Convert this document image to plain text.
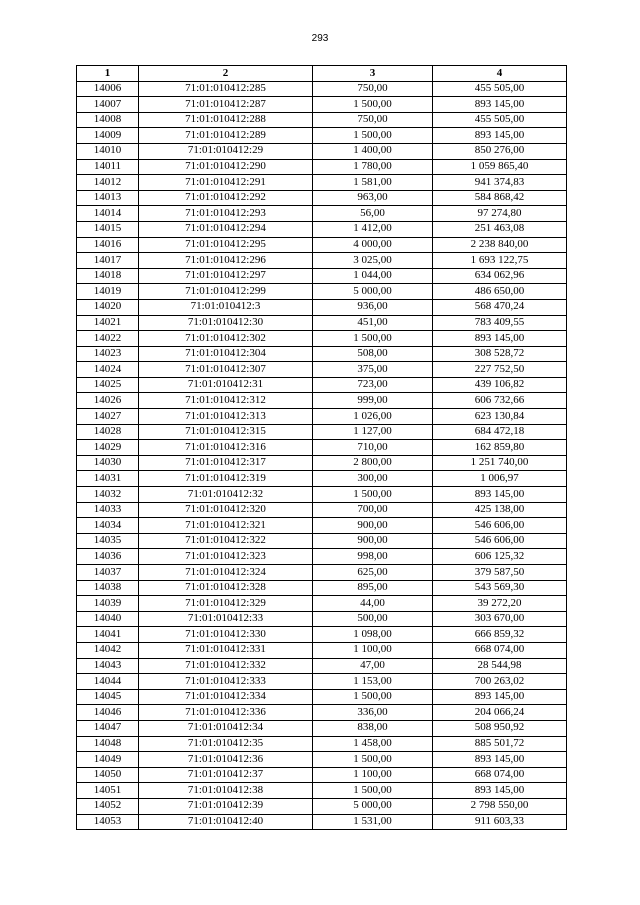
293
1	2	3	4
14006	71:01:010412:285	750,00	455 505,00
14007	71:01:010412:287	1 500,00	893 145,00
14008	71:01:010412:288	750,00	455 505,00
14009	71:01:010412:289	1 500,00	893 145,00
14010	71:01:010412:29	1 400,00	850 276,00
14011	71:01:010412:290	1 780,00	1 059 865,40
14012	71:01:010412:291	1 581,00	941 374,83
14013	71:01:010412:292	963,00	584 868,42
14014	71:01:010412:293	56,00	97 274,80
14015	71:01:010412:294	1 412,00	251 463,08
14016	71:01:010412:295	4 000,00	2 238 840,00
14017	71:01:010412:296	3 025,00	1 693 122,75
14018	71:01:010412:297	1 044,00	634 062,96
14019	71:01:010412:299	5 000,00	486 650,00
14020	71:01:010412:3	936,00	568 470,24
14021	71:01:010412:30	451,00	783 409,55
14022	71:01:010412:302	1 500,00	893 145,00
14023	71:01:010412:304	508,00	308 528,72
14024	71:01:010412:307	375,00	227 752,50
14025	71:01:010412:31	723,00	439 106,82
14026	71:01:010412:312	999,00	606 732,66
14027	71:01:010412:313	1 026,00	623 130,84
14028	71:01:010412:315	1 127,00	684 472,18
14029	71:01:010412:316	710,00	162 859,80
14030	71:01:010412:317	2 800,00	1 251 740,00
14031	71:01:010412:319	300,00	1 006,97
14032	71:01:010412:32	1 500,00	893 145,00
14033	71:01:010412:320	700,00	425 138,00
14034	71:01:010412:321	900,00	546 606,00
14035	71:01:010412:322	900,00	546 606,00
14036	71:01:010412:323	998,00	606 125,32
14037	71:01:010412:324	625,00	379 587,50
14038	71:01:010412:328	895,00	543 569,30
14039	71:01:010412:329	44,00	39 272,20
14040	71:01:010412:33	500,00	303 670,00
14041	71:01:010412:330	1 098,00	666 859,32
14042	71:01:010412:331	1 100,00	668 074,00
14043	71:01:010412:332	47,00	28 544,98
14044	71:01:010412:333	1 153,00	700 263,02
14045	71:01:010412:334	1 500,00	893 145,00
14046	71:01:010412:336	336,00	204 066,24
14047	71:01:010412:34	838,00	508 950,92
14048	71:01:010412:35	1 458,00	885 501,72
14049	71:01:010412:36	1 500,00	893 145,00
14050	71:01:010412:37	1 100,00	668 074,00
14051	71:01:010412:38	1 500,00	893 145,00
14052	71:01:010412:39	5 000,00	2 798 550,00
14053	71:01:010412:40	1 531,00	911 603,33
